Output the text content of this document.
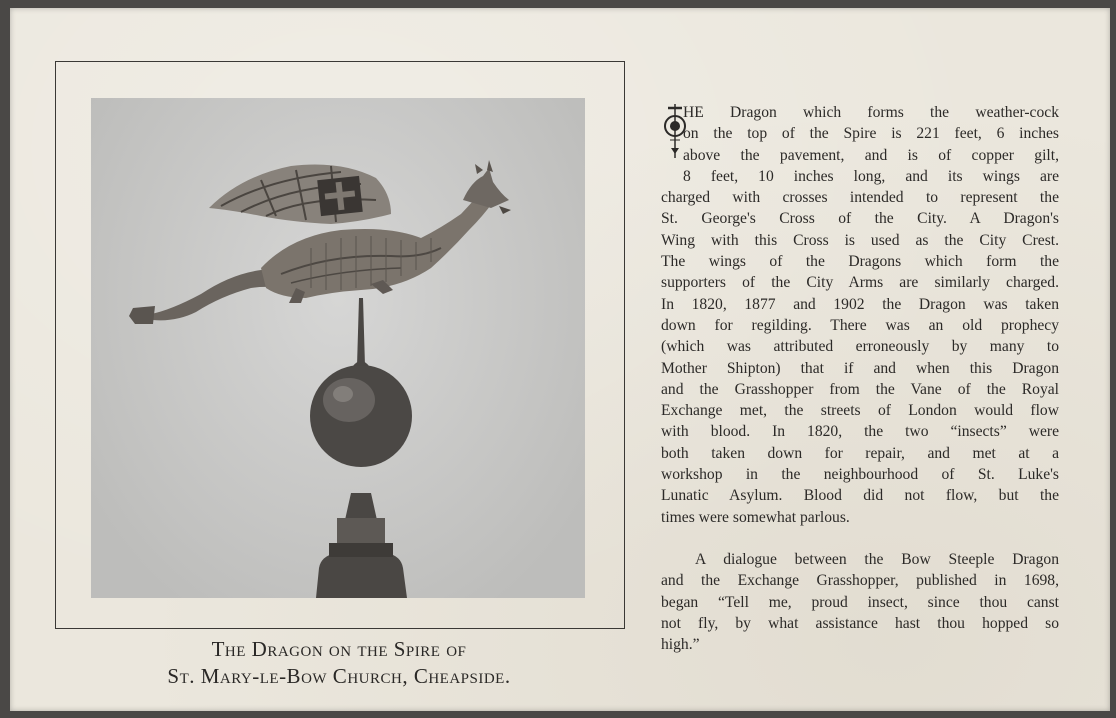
The Dragon on the Spire of
St. Mary-le-Bow Church, Cheapside.
HE Dragon which forms the weather-cock
on the top of the Spire is 221 feet, 6 inches
above the pavement, and is of copper gilt,
8 feet, 10 inches long, and its wings are
charged with crosses intended to represent the
St. George's Cross of the City. A Dragon's
Wing with this Cross is used as the City Crest.
The wings of the Dragons which form the
supporters of the City Arms are similarly charged.
In 1820, 1877 and 1902 the Dragon was taken
down for regilding. There was an old prophecy
(which was attributed erroneously by many to
Mother Shipton) that if and when this Dragon
and the Grasshopper from the Vane of the Royal
Exchange met, the streets of London would flow
with blood. In 1820, the two “insects” were
both taken down for repair, and met at a
workshop in the neighbourhood of St. Luke's
Lunatic Asylum. Blood did not flow, but the
times were somewhat parlous.
A dialogue between the Bow Steeple Dragon
and the Exchange Grasshopper, published in 1698,
began “Tell me, proud insect, since thou canst
not fly, by what assistance hast thou hopped so
high.”
